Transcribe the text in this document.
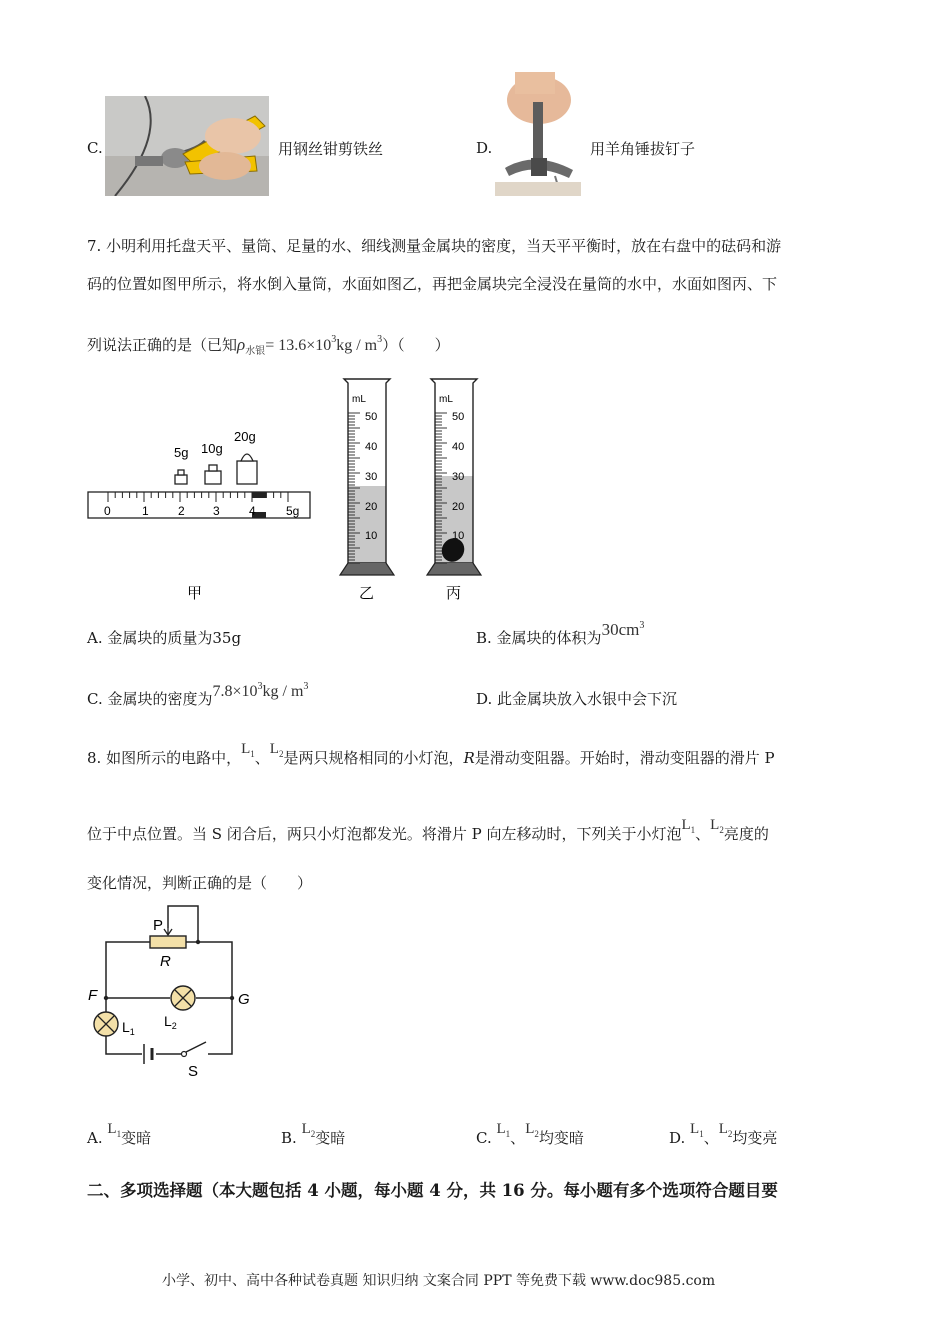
C.	用钢丝钳剪铁丝	D.	用羊角锤拔钉子
7. 小明利用托盘天平、量筒、足量的水、细线测量金属块的密度，当天平平衡时，放在右盘中的砝码和游
码的位置如图甲所示，将水倒入量筒，水面如图乙，再把金属块完全浸没在量筒的水中，水面如图丙、下
列说法正确的是（已知$\rho_{水银}= 13.6\times 10^3kg / m^3$）（　　）
5g 10g
20g
0	1 2 3 4	5g
mL
50
40
30
20
10
mL
50
40
30
20
10
甲	乙	丙
A. 金属块的质量为35g	B. 金属块的体积为$30cm^3$
C. 金属块的密度为$7.8\times 10^3kg / m^3$
D. 此金属块放入水银中会下沉
8. 如图所示的电路中，$L^1$、$L^2$是两只规格相同的小灯泡，R是滑动变阻器。开始时，滑动变阻器的滑片 P
位于中点位置。当 S 闭合后，两只小灯泡都发光。将滑片 P 向左移动时，下列关于小灯泡$L^1$、$L^2$亮度的
变化情况，判断正确的是（　　）
P
R
F	G
$L_1$
$L_2$
S
A. $L^1$变暗	B. $L^2$变暗	C. $L^1$、$L^2$均变暗	D. $L^1$、$L^2$均变亮
二、多项选择题（本大题包括 4 小题，每小题 4 分，共 16 分。每小题有多个选项符合题目要
小学、初中、高中各种试卷真题 知识归纳 文案合同 PPT 等免费下载 www.doc985.com
